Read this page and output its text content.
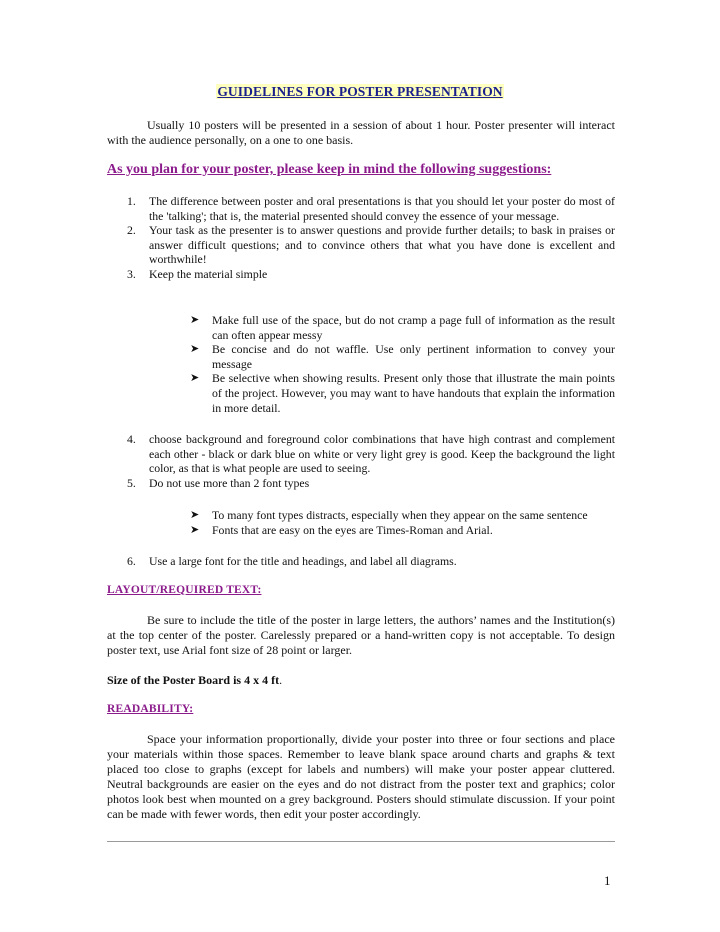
GUIDELINES FOR POSTER PRESENTATION
Usually 10 posters will be presented in a session of about 1 hour. Poster presenter will interact with the audience personally, on a one to one basis.
As you plan for your poster, please keep in mind the following suggestions:
1. The difference between poster and oral presentations is that you should let your poster do most of the 'talking'; that is, the material presented should convey the essence of your message.
2. Your task as the presenter is to answer questions and provide further details; to bask in praises or answer difficult questions; and to convince others that what you have done is excellent and worthwhile!
3. Keep the material simple
➤ Make full use of the space, but do not cramp a page full of information as the result can often appear messy
➤ Be concise and do not waffle. Use only pertinent information to convey your message
➤ Be selective when showing results. Present only those that illustrate the main points of the project. However, you may want to have handouts that explain the information in more detail.
4. choose background and foreground color combinations that have high contrast and complement each other - black or dark blue on white or very light grey is good. Keep the background the light color, as that is what people are used to seeing.
5. Do not use more than 2 font types
➤ To many font types distracts, especially when they appear on the same sentence
➤ Fonts that are easy on the eyes are Times-Roman and Arial.
6. Use a large font for the title and headings, and label all diagrams.
LAYOUT/REQUIRED TEXT:
Be sure to include the title of the poster in large letters, the authors’ names and the Institution(s) at the top center of the poster. Carelessly prepared or a hand-written copy is not acceptable. To design poster text, use Arial font size of 28 point or larger.
Size of the Poster Board is 4 x 4 ft.
READABILITY:
Space your information proportionally, divide your poster into three or four sections and place your materials within those spaces. Remember to leave blank space around charts and graphs & text placed too close to graphs (except for labels and numbers) will make your poster appear cluttered. Neutral backgrounds are easier on the eyes and do not distract from the poster text and graphics; color photos look best when mounted on a grey background. Posters should stimulate discussion. If your point can be made with fewer words, then edit your poster accordingly.
1
